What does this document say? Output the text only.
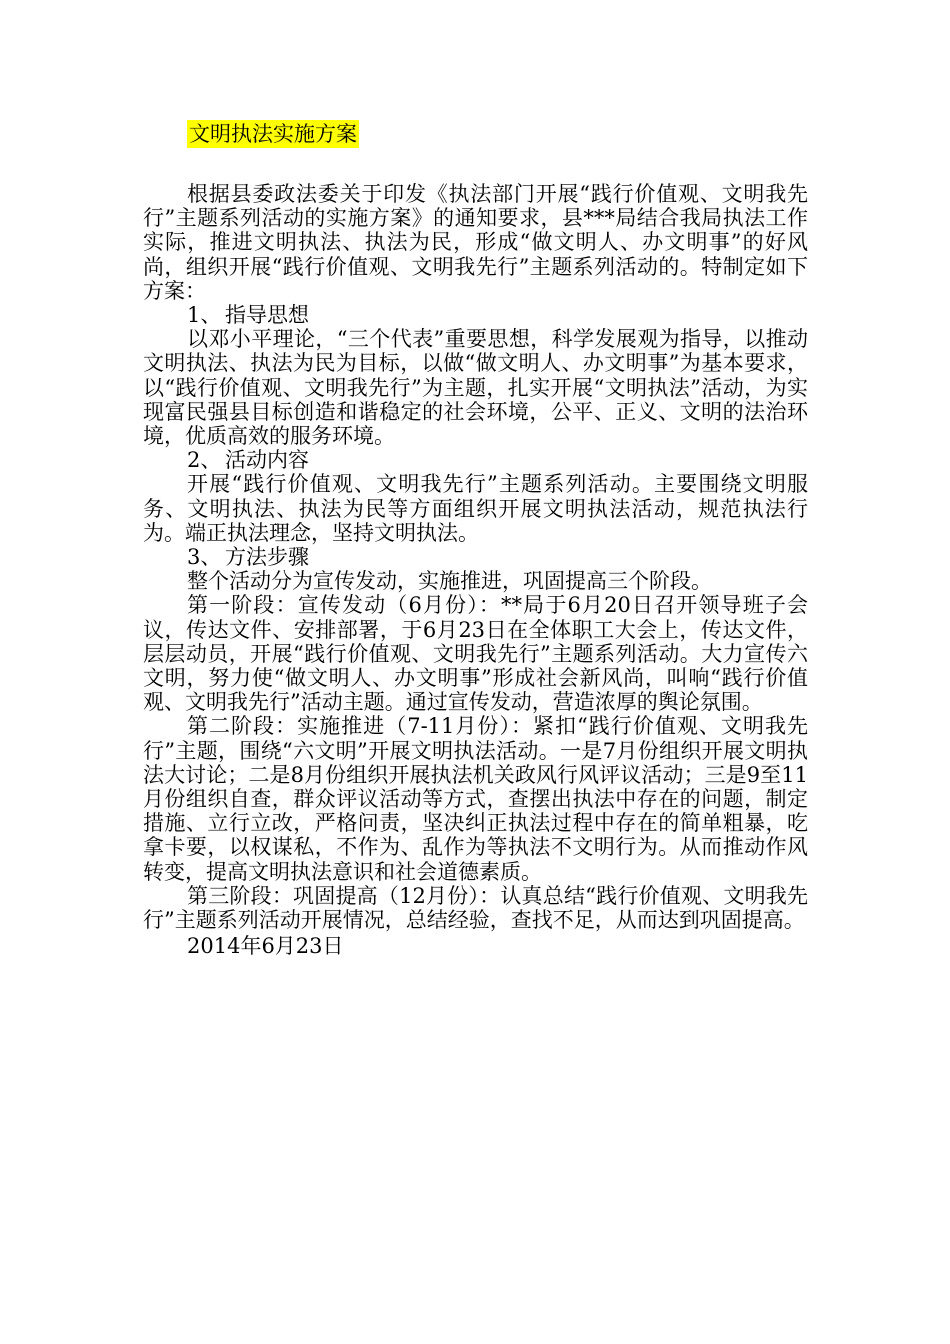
文明执法实施方案

根据县委政法委关于印发《执法部门开展“践行价值观、文明我先行”主题系列活动的实施方案》的通知要求，县***局结合我局执法工作实际，推进文明执法、执法为民，形成“做文明人、办文明事”的好风尚，组织开展“践行价值观、文明我先行”主题系列活动的。特制定如下方案：

1、 指导思想

以邓小平理论，“三个代表”重要思想，科学发展观为指导，以推动文明执法、执法为民为目标，以做“做文明人、办文明事”为基本要求，以“践行价值观、文明我先行”为主题，扎实开展“文明执法”活动，为实现富民强县目标创造和谐稳定的社会环境，公平、正义、文明的法治环境，优质高效的服务环境。

2、 活动内容

开展“践行价值观、文明我先行”主题系列活动。主要围绕文明服务、文明执法、执法为民等方面组织开展文明执法活动，规范执法行为。端正执法理念，坚持文明执法。

3、 方法步骤

整个活动分为宣传发动，实施推进，巩固提高三个阶段。

第一阶段：宣传发动（6月份）：**局于6月20日召开领导班子会议，传达文件、安排部署，于6月23日在全体职工大会上，传达文件，层层动员，开展“践行价值观、文明我先行”主题系列活动。大力宣传六文明，努力使“做文明人、办文明事”形成社会新风尚，叫响“践行价值观、文明我先行”活动主题。通过宣传发动，营造浓厚的舆论氛围。

第二阶段：实施推进（7-11月份）：紧扣“践行价值观、文明我先行”主题，围绕“六文明”开展文明执法活动。一是7月份组织开展文明执法大讨论；二是8月份组织开展执法机关政风行风评议活动；三是9至11月份组织自查，群众评议活动等方式，查摆出执法中存在的问题，制定措施、立行立改，严格问责，坚决纠正执法过程中存在的简单粗暴，吃拿卡要，以权谋私，不作为、乱作为等执法不文明行为。从而推动作风转变，提高文明执法意识和社会道德素质。

第三阶段：巩固提高（12月份）：认真总结“践行价值观、文明我先行”主题系列活动开展情况，总结经验，查找不足，从而达到巩固提高。

2014年6月23日
